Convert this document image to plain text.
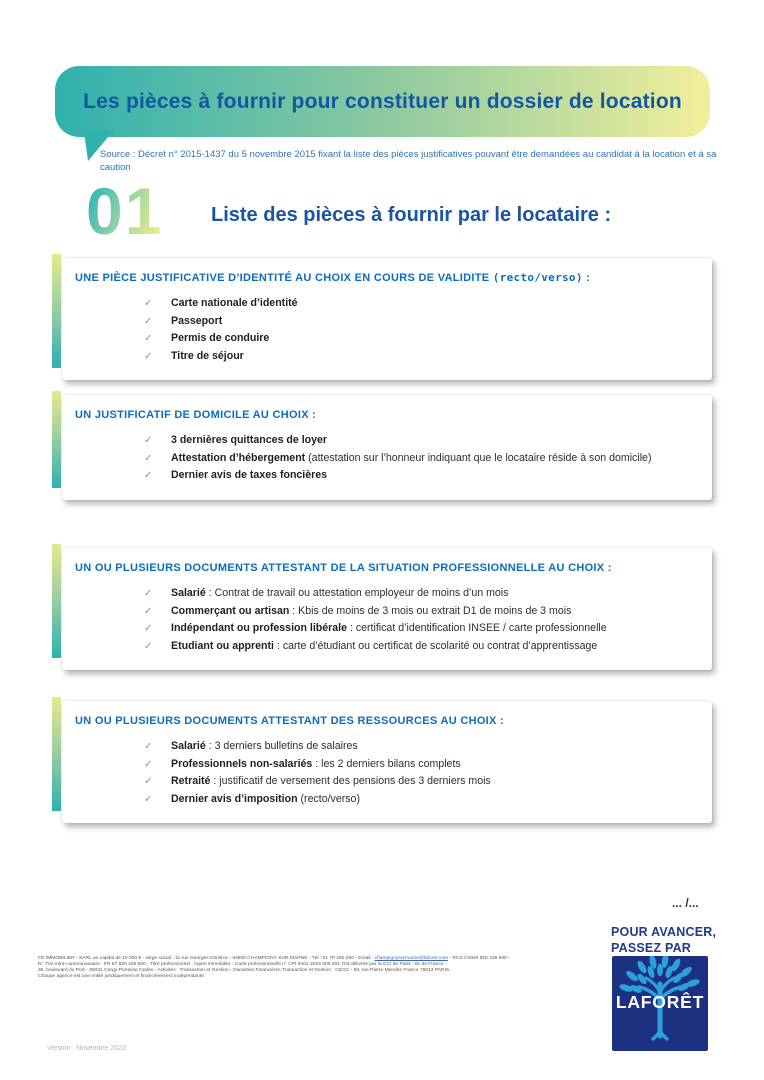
Les pièces à fournir pour constituer un dossier de location
Source : Décret n° 2015-1437 du 5 novembre 2015 fixant la liste des pièces justificatives pouvant être demandées au candidat à la location et à sa caution
01 Liste des pièces à fournir par le locataire :
UNE PIÈCE JUSTIFICATIVE D’IDENTITÉ AU CHOIX EN COURS DE VALIDITE (recto/verso) :
✓	Carte nationale d’identité
✓	Passeport
✓	Permis de conduire
✓	Titre de séjour
UN JUSTIFICATIF DE DOMICILE AU CHOIX :
✓	3 dernières quittances de loyer
✓	Attestation d’hébergement (attestation sur l’honneur indiquant que le locataire réside à son domicile)
✓	Dernier avis de taxes foncières
UN OU PLUSIEURS DOCUMENTS ATTESTANT DE LA SITUATION PROFESSIONNELLE AU CHOIX :
✓	Salarié : Contrat de travail ou attestation employeur de moins d’un mois
✓	Commerçant ou artisan : Kbis de moins de 3 mois ou extrait D1 de moins de 3 mois
✓	Indépendant ou profession libérale : certificat d’identification INSEE / carte professionnelle
✓	Etudiant ou apprenti : carte d’étudiant ou certificat de scolarité ou contrat d’apprentissage
UN OU PLUSIEURS DOCUMENTS ATTESTANT DES RESSOURCES AU CHOIX :
✓	Salarié : 3 derniers bulletins de salaires
✓	Professionnels non-salariés : les 2 derniers bilans complets
✓	Retraité : justificatif de versement des pensions des 3 derniers mois
✓	Dernier avis d’imposition (recto/verso)
... /...
POUR AVANCER, PASSEZ PAR
LAFORÊT
FD IMMOBILIER - SARL au capital de 10 000 € - siège social : 11 rue Georges Dimitrov - 94500 CHAMPIGNY SUR MARNE - Tél : 01 70 260 250 - Email : champignysurmarne@laforet.com - RCS Créteil 820 426 500 -
N° TVA intra-communautaire : FR 57 820 426 500 - Titre professionnel : Agent immobilier - Carte professionnelle n° CPI 9401 2016 000 001 703 délivrée par la CCI de Paris - Ile de France -
35, boulevard du Port - 95031 Cergy-Pontoise Cedex - Activités : Transaction et Gestion - Garanties Financières Transaction et Gestion : CEGC - 50, rue Pierre Mendès France 75013 PARIS.
Chaque agence est une entité juridiquement et financièrement indépendante.
Version : Novembre 2023
